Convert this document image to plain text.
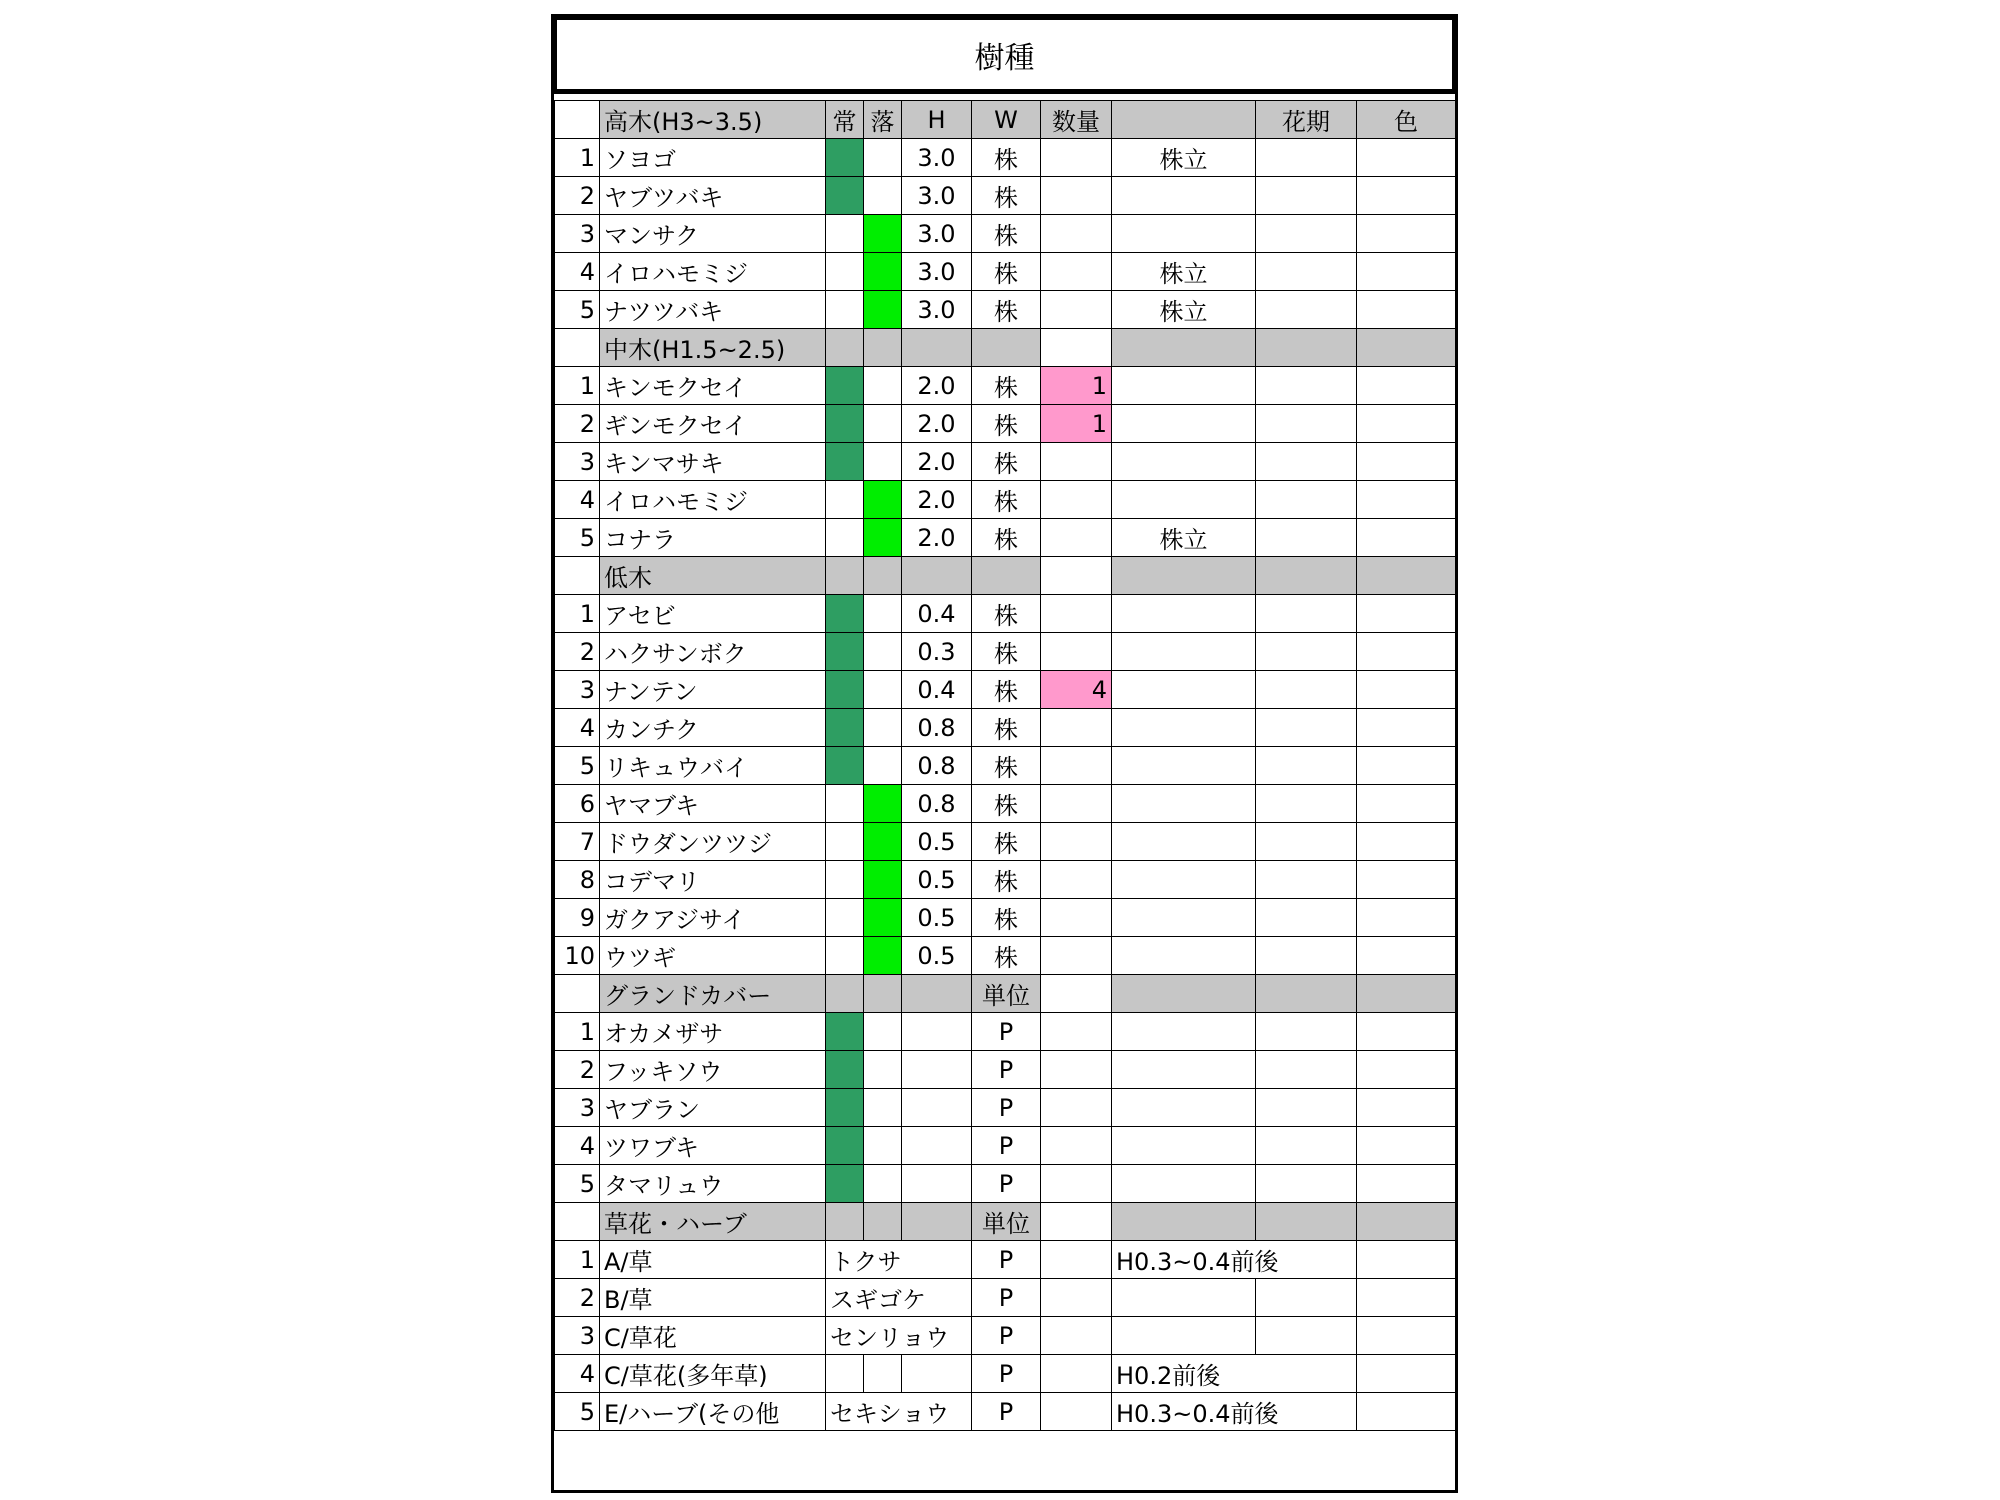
樹種
	高木(H3~3.5)	常	落	H	W	数量		花期	色
1	ソヨゴ			3.0	株		株立		
2	ヤブツバキ			3.0	株				
3	マンサク			3.0	株				
4	イロハモミジ			3.0	株		株立		
5	ナツツバキ			3.0	株		株立		
	中木(H1.5~2.5)								
1	キンモクセイ			2.0	株	1			
2	ギンモクセイ			2.0	株	1			
3	キンマサキ			2.0	株				
4	イロハモミジ			2.0	株				
5	コナラ			2.0	株		株立		
	低木								
1	アセビ			0.4	株				
2	ハクサンボク			0.3	株				
3	ナンテン			0.4	株	4			
4	カンチク			0.8	株				
5	リキュウバイ			0.8	株				
6	ヤマブキ			0.8	株				
7	ドウダンツツジ			0.5	株				
8	コデマリ			0.5	株				
9	ガクアジサイ			0.5	株				
10	ウツギ			0.5	株				
	グランドカバー				単位				
1	オカメザサ				P				
2	フッキソウ				P				
3	ヤブラン				P				
4	ツワブキ				P				
5	タマリュウ				P				
	草花・ハーブ				単位				
1	A/草	トクサ			P		H0.3~0.4前後		
2	B/草	スギゴケ			P				
3	C/草花	センリョウ			P				
4	C/草花(多年草)				P		H0.2前後		
5	E/ハーブ(その他	セキショウ			P		H0.3~0.4前後		
